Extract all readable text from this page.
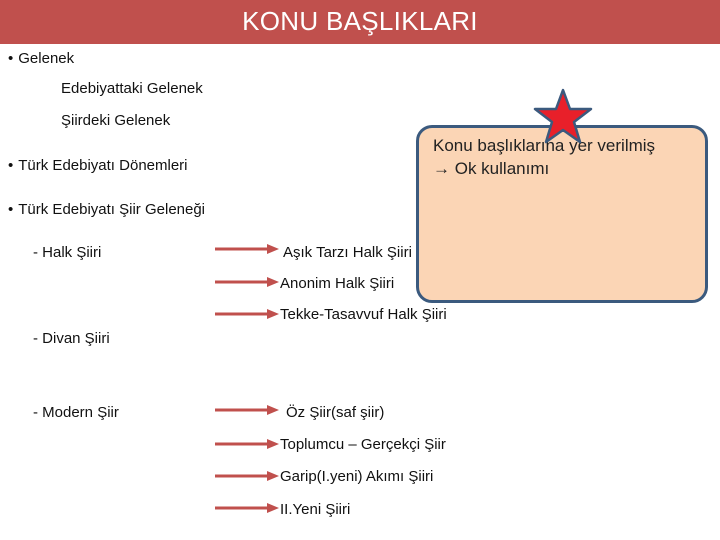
KONU BAŞLIKLARI
• Gelenek
Edebiyattaki Gelenek
Şiirdeki Gelenek
• Türk Edebiyatı Dönemleri
• Türk Edebiyatı Şiir Geleneği
- Halk Şiiri	Aşık Tarzı Halk Şiiri
Anonim Halk Şiiri
Tekke-Tasavvuf Halk Şiiri
- Divan Şiiri
- Modern Şiir	Öz Şiir(saf şiir)
Toplumcu – Gerçekçi Şiir
Garip(I.yeni) Akımı Şiiri
II.Yeni Şiiri
Konu başlıklarına yer verilmiş
→ Ok kullanımı
